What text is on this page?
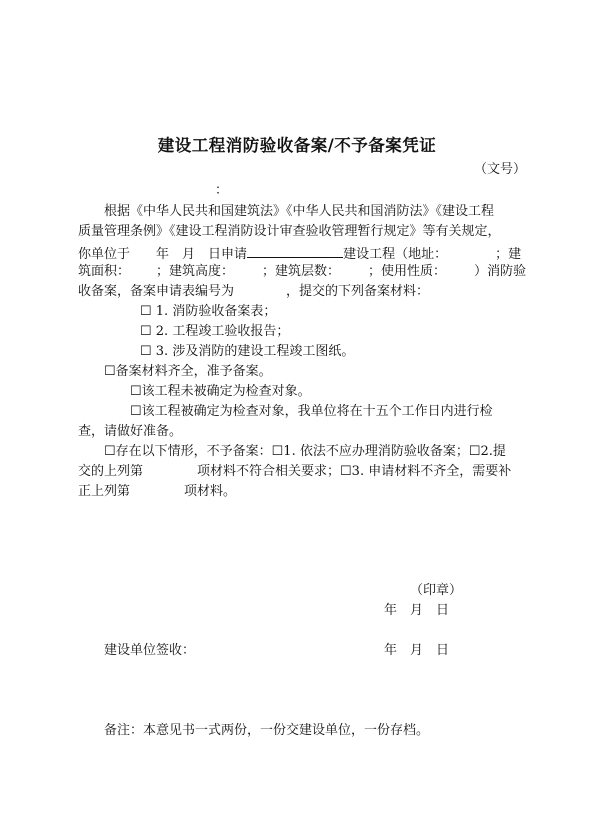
建设工程消防验收备案/不予备案凭证
（文号）
：
根据《中华人民共和国建筑法》《中华人民共和国消防法》《建设工程
质量管理条例》《建设工程消防设计审查验收管理暂行规定》等有关规定，
你单位于 年 月 日申请	建设工程（地址：	；建
筑面积： ；建筑高度： ；建筑层数： ；使用性质： ）消防验
收备案，备案申请表编号为	，提交的下列备案材料：
☐ 1. 消防验收备案表；
☐ 2. 工程竣工验收报告；
☐ 3. 涉及消防的建设工程竣工图纸。
☐备案材料齐全，准予备案。
☐该工程未被确定为检查对象。
☐该工程被确定为检查对象，我单位将在十五个工作日内进行检
查，请做好准备。
☐存在以下情形，不予备案：☐1. 依法不应办理消防验收备案；☐2.提
交的上列第	项材料不符合相关要求；☐3. 申请材料不齐全，需要补
正上列第	项材料。
（印章）
年 月 日
建设单位签收：	年 月 日
备注：本意见书一式两份，一份交建设单位，一份存档。
